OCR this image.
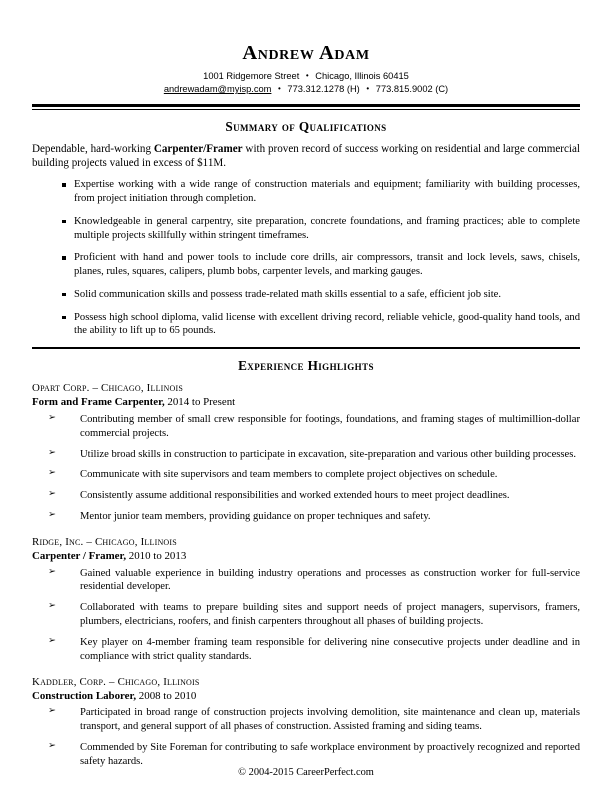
Andrew Adam
1001 Ridgemore Street • Chicago, Illinois 60415
andrewadam@myisp.com • 773.312.1278 (H) • 773.815.9002 (C)
Summary of Qualifications

Dependable, hard-working Carpenter/Framer with proven record of success working on residential and large commercial building projects valued in excess of $11M.

Expertise working with a wide range of construction materials and equipment; familiarity with building processes, from project initiation through completion.
Knowledgeable in general carpentry, site preparation, concrete foundations, and framing practices; able to complete multiple projects skillfully within stringent timeframes.
Proficient with hand and power tools to include core drills, air compressors, transit and lock levels, saws, chisels, planes, rules, squares, calipers, plumb bobs, carpenter levels, and marking gauges.
Solid communication skills and possess trade-related math skills essential to a safe, efficient job site.
Possess high school diploma, valid license with excellent driving record, reliable vehicle, good-quality hand tools, and the ability to lift up to 65 pounds.
Experience Highlights
Opart Corp. – Chicago, Illinois
Form and Frame Carpenter, 2014 to Present
➢ Contributing member of small crew responsible for footings, foundations, and framing stages of multimillion-dollar commercial projects.
➢ Utilize broad skills in construction to participate in excavation, site-preparation and various other building processes.
➢ Communicate with site supervisors and team members to complete project objectives on schedule.
➢ Consistently assume additional responsibilities and worked extended hours to meet project deadlines.
➢ Mentor junior team members, providing guidance on proper techniques and safety.
Ridge, Inc. – Chicago, Illinois
Carpenter / Framer, 2010 to 2013
➢ Gained valuable experience in building industry operations and processes as construction worker for full-service residential developer.
➢ Collaborated with teams to prepare building sites and support needs of project managers, supervisors, framers, plumbers, electricians, roofers, and finish carpenters throughout all phases of building projects.
➢ Key player on 4-member framing team responsible for delivering nine consecutive projects under deadline and in compliance with strict quality standards.
Kaddler, Corp. – Chicago, Illinois
Construction Laborer, 2008 to 2010
➢ Participated in broad range of construction projects involving demolition, site maintenance and clean up, materials transport, and general support of all phases of construction. Assisted framing and siding teams.
➢ Commended by Site Foreman for contributing to safe workplace environment by proactively recognized and reported safety hazards.
© 2004-2015 CareerPerfect.com
